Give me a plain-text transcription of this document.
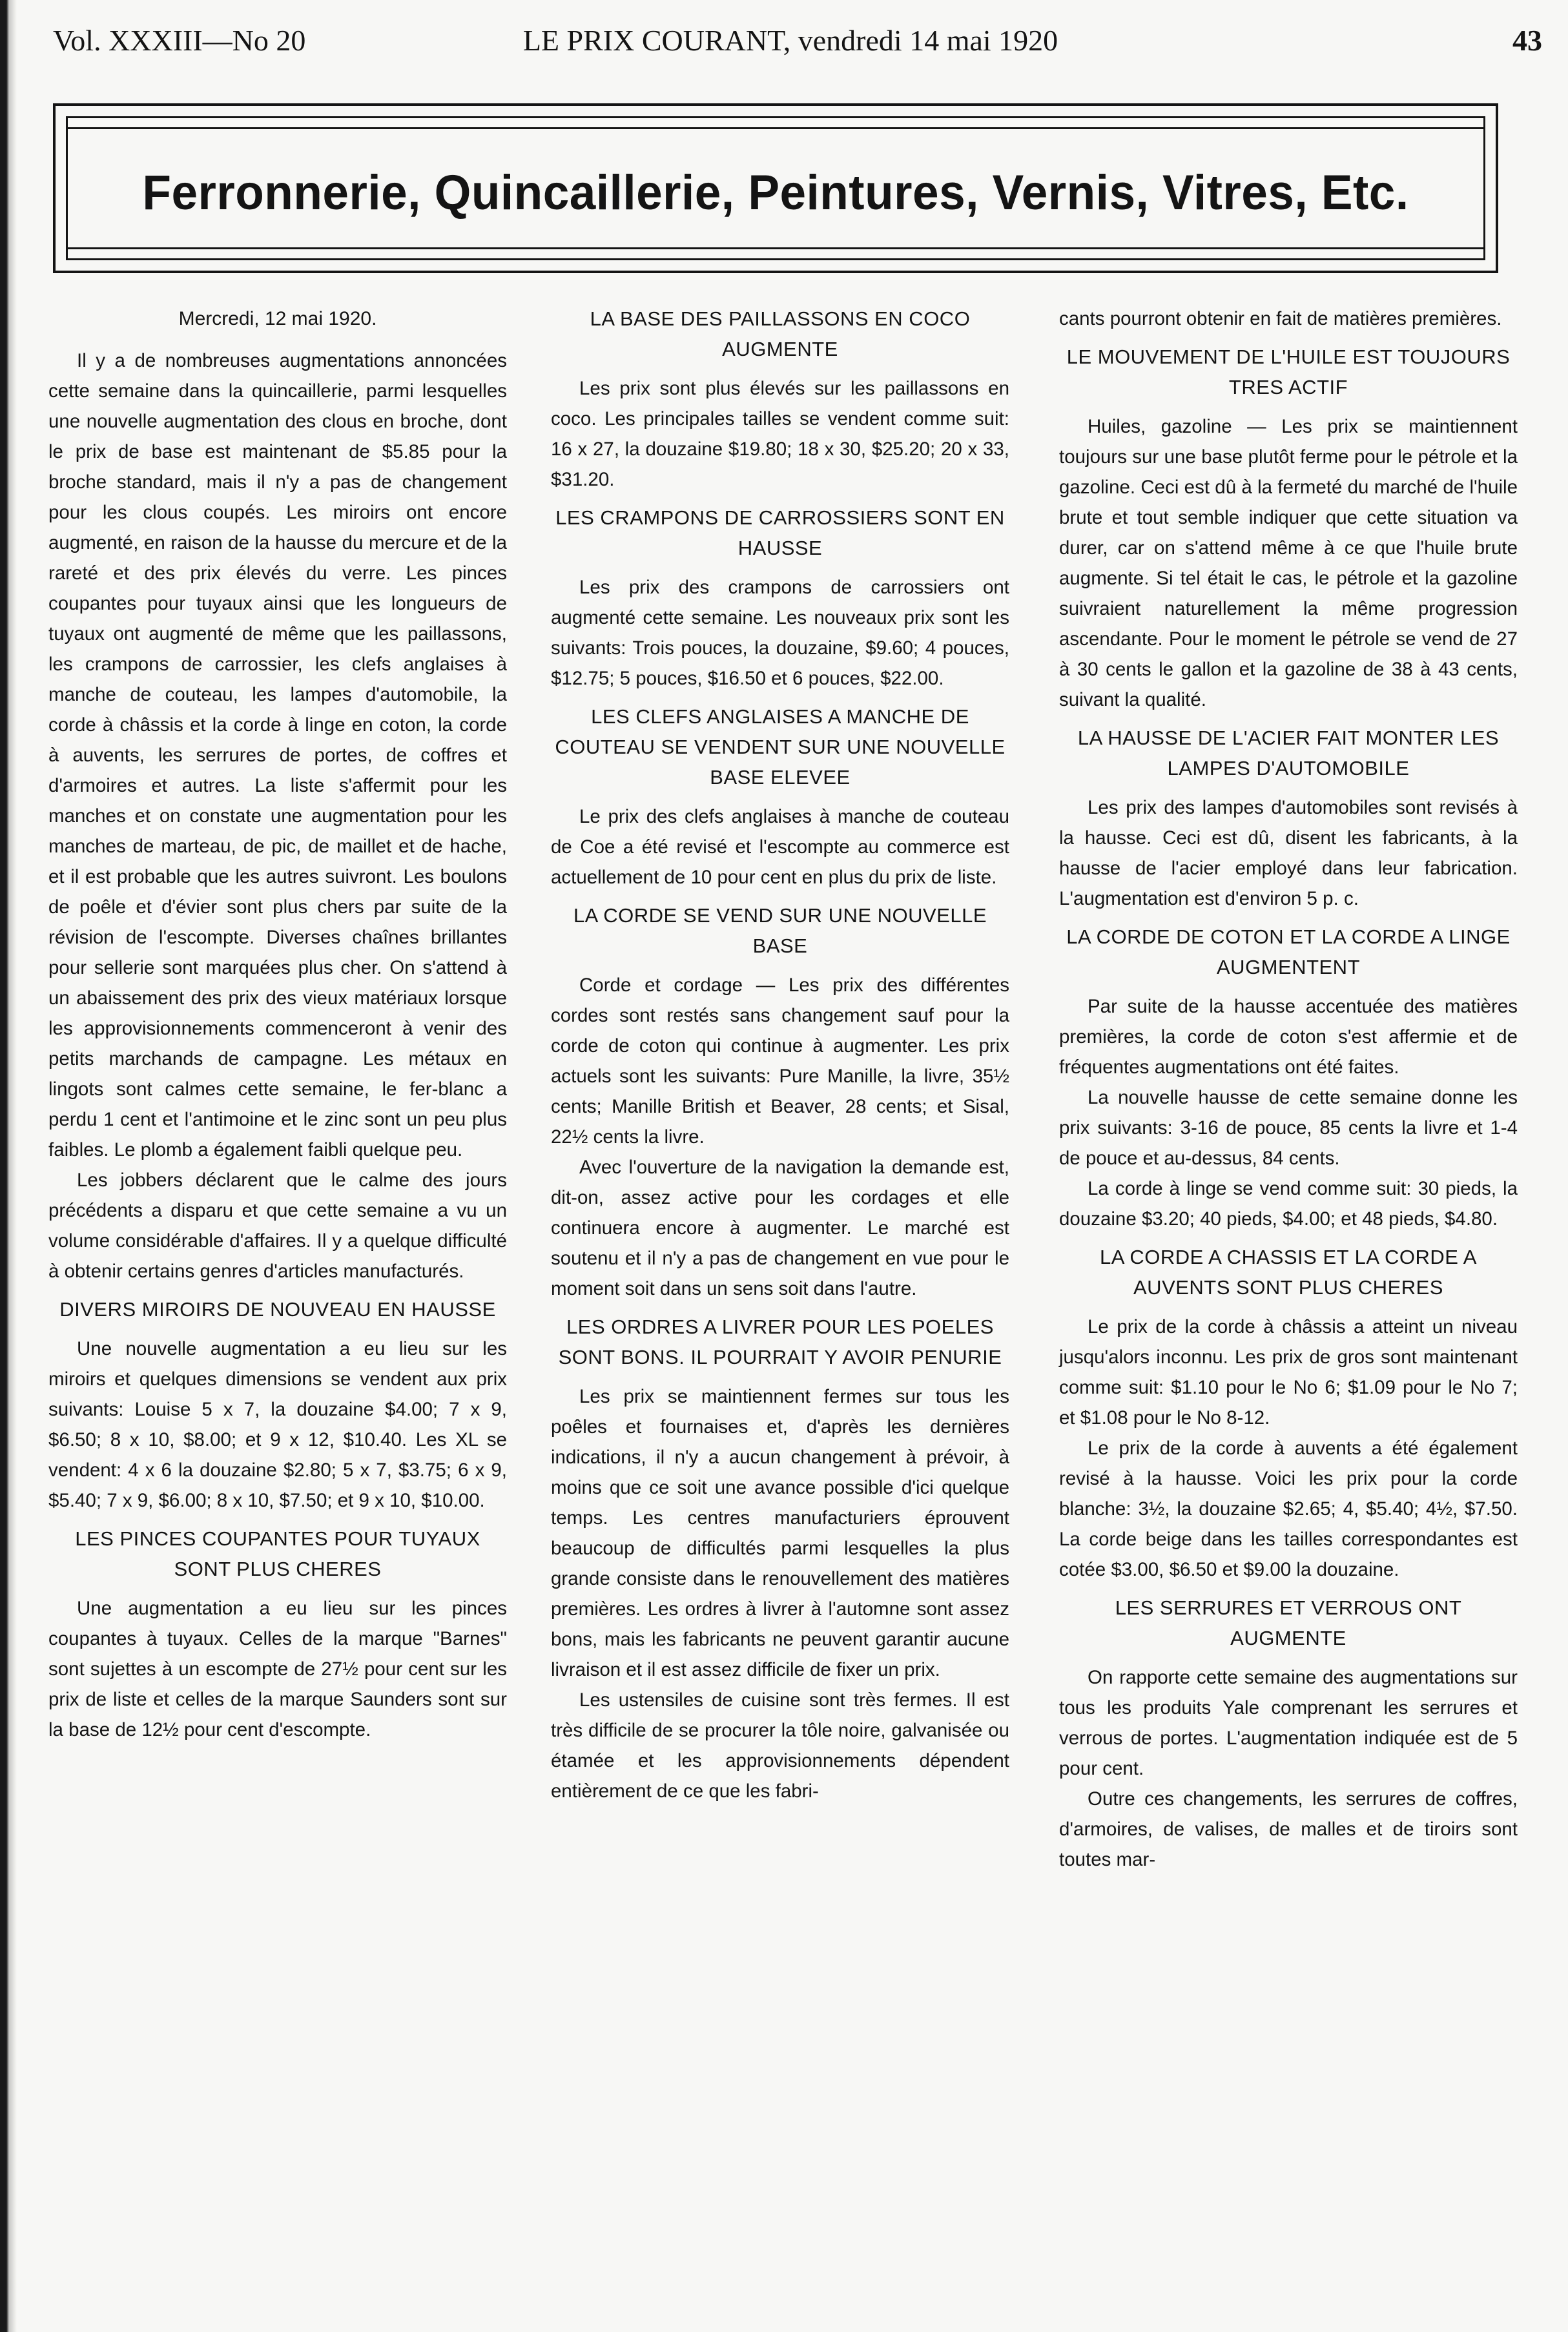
Vol. XXXIII—No 20	LE PRIX COURANT, vendredi 14 mai 1920	43
Ferronnerie, Quincaillerie, Peintures, Vernis, Vitres, Etc.

Mercredi, 12 mai 1920.

Il y a de nombreuses augmentations annoncées cette semaine dans la quincaillerie, parmi lesquelles une nouvelle augmentation des clous en broche, dont le prix de base est maintenant de $5.85 pour la broche standard, mais il n'y a pas de changement pour les clous coupés. Les miroirs ont encore augmenté, en raison de la hausse du mercure et de la rareté et des prix élevés du verre. Les pinces coupantes pour tuyaux ainsi que les longueurs de tuyaux ont augmenté de même que les paillassons, les crampons de carrossier, les clefs anglaises à manche de couteau, les lampes d'automobile, la corde à châssis et la corde à linge en coton, la corde à auvents, les serrures de portes, de coffres et d'armoires et autres. La liste s'affermit pour les manches et on constate une augmentation pour les manches de marteau, de pic, de maillet et de hache, et il est probable que les autres suivront. Les boulons de poêle et d'évier sont plus chers par suite de la révision de l'escompte. Diverses chaînes brillantes pour sellerie sont marquées plus cher. On s'attend à un abaissement des prix des vieux matériaux lorsque les approvisionnements commenceront à venir des petits marchands de campagne. Les métaux en lingots sont calmes cette semaine, le fer-blanc a perdu 1 cent et l'antimoine et le zinc sont un peu plus faibles. Le plomb a également faibli quelque peu.

Les jobbers déclarent que le calme des jours précédents a disparu et que cette semaine a vu un volume considérable d'affaires. Il y a quelque difficulté à obtenir certains genres d'articles manufacturés.

DIVERS MIROIRS DE NOUVEAU EN HAUSSE

Une nouvelle augmentation a eu lieu sur les miroirs et quelques dimensions se vendent aux prix suivants: Louise 5 x 7, la douzaine $4.00; 7 x 9, $6.50; 8 x 10, $8.00; et 9 x 12, $10.40. Les XL se vendent: 4 x 6 la douzaine $2.80; 5 x 7, $3.75; 6 x 9, $5.40; 7 x 9, $6.00; 8 x 10, $7.50; et 9 x 10, $10.00.

LES PINCES COUPANTES POUR TUYAUX SONT PLUS CHERES

Une augmentation a eu lieu sur les pinces coupantes à tuyaux. Celles de la marque "Barnes" sont sujettes à un escompte de 27½ pour cent sur les prix de liste et celles de la marque Saunders sont sur la base de 12½ pour cent d'escompte.

LA BASE DES PAILLASSONS EN COCO AUGMENTE

Les prix sont plus élevés sur les paillassons en coco. Les principales tailles se vendent comme suit: 16 x 27, la douzaine $19.80; 18 x 30, $25.20; 20 x 33, $31.20.

LES CRAMPONS DE CARROSSIERS SONT EN HAUSSE

Les prix des crampons de carrossiers ont augmenté cette semaine. Les nouveaux prix sont les suivants: Trois pouces, la douzaine, $9.60; 4 pouces, $12.75; 5 pouces, $16.50 et 6 pouces, $22.00.

LES CLEFS ANGLAISES A MANCHE DE COUTEAU SE VENDENT SUR UNE NOUVELLE BASE ELEVEE

Le prix des clefs anglaises à manche de couteau de Coe a été revisé et l'escompte au commerce est actuellement de 10 pour cent en plus du prix de liste.

LA CORDE SE VEND SUR UNE NOUVELLE BASE

Corde et cordage — Les prix des différentes cordes sont restés sans changement sauf pour la corde de coton qui continue à augmenter. Les prix actuels sont les suivants: Pure Manille, la livre, 35½ cents; Manille British et Beaver, 28 cents; et Sisal, 22½ cents la livre.

Avec l'ouverture de la navigation la demande est, dit-on, assez active pour les cordages et elle continuera encore à augmenter. Le marché est soutenu et il n'y a pas de changement en vue pour le moment soit dans un sens soit dans l'autre.

LES ORDRES A LIVRER POUR LES POELES SONT BONS. IL POURRAIT Y AVOIR PENURIE

Les prix se maintiennent fermes sur tous les poêles et fournaises et, d'après les dernières indications, il n'y a aucun changement à prévoir, à moins que ce soit une avance possible d'ici quelque temps. Les centres manufacturiers éprouvent beaucoup de difficultés parmi lesquelles la plus grande consiste dans le renouvellement des matières premières. Les ordres à livrer à l'automne sont assez bons, mais les fabricants ne peuvent garantir aucune livraison et il est assez difficile de fixer un prix.

Les ustensiles de cuisine sont très fermes. Il est très difficile de se procurer la tôle noire, galvanisée ou étamée et les approvisionnements dépendent entièrement de ce que les fabri-

cants pourront obtenir en fait de matières premières.

LE MOUVEMENT DE L'HUILE EST TOUJOURS TRES ACTIF

Huiles, gazoline — Les prix se maintiennent toujours sur une base plutôt ferme pour le pétrole et la gazoline. Ceci est dû à la fermeté du marché de l'huile brute et tout semble indiquer que cette situation va durer, car on s'attend même à ce que l'huile brute augmente. Si tel était le cas, le pétrole et la gazoline suivraient naturellement la même progression ascendante. Pour le moment le pétrole se vend de 27 à 30 cents le gallon et la gazoline de 38 à 43 cents, suivant la qualité.

LA HAUSSE DE L'ACIER FAIT MONTER LES LAMPES D'AUTOMOBILE

Les prix des lampes d'automobiles sont revisés à la hausse. Ceci est dû, disent les fabricants, à la hausse de l'acier employé dans leur fabrication. L'augmentation est d'environ 5 p. c.

LA CORDE DE COTON ET LA CORDE A LINGE AUGMENTENT

Par suite de la hausse accentuée des matières premières, la corde de coton s'est affermie et de fréquentes augmentations ont été faites.

La nouvelle hausse de cette semaine donne les prix suivants: 3-16 de pouce, 85 cents la livre et 1-4 de pouce et au-dessus, 84 cents.

La corde à linge se vend comme suit: 30 pieds, la douzaine $3.20; 40 pieds, $4.00; et 48 pieds, $4.80.

LA CORDE A CHASSIS ET LA CORDE A AUVENTS SONT PLUS CHERES

Le prix de la corde à châssis a atteint un niveau jusqu'alors inconnu. Les prix de gros sont maintenant comme suit: $1.10 pour le No 6; $1.09 pour le No 7; et $1.08 pour le No 8-12.

Le prix de la corde à auvents a été également revisé à la hausse. Voici les prix pour la corde blanche: 3½, la douzaine $2.65; 4, $5.40; 4½, $7.50. La corde beige dans les tailles correspondantes est cotée $3.00, $6.50 et $9.00 la douzaine.

LES SERRURES ET VERROUS ONT AUGMENTE

On rapporte cette semaine des augmentations sur tous les produits Yale comprenant les serrures et verrous de portes. L'augmentation indiquée est de 5 pour cent.

Outre ces changements, les serrures de coffres, d'armoires, de valises, de malles et de tiroirs sont toutes mar-
